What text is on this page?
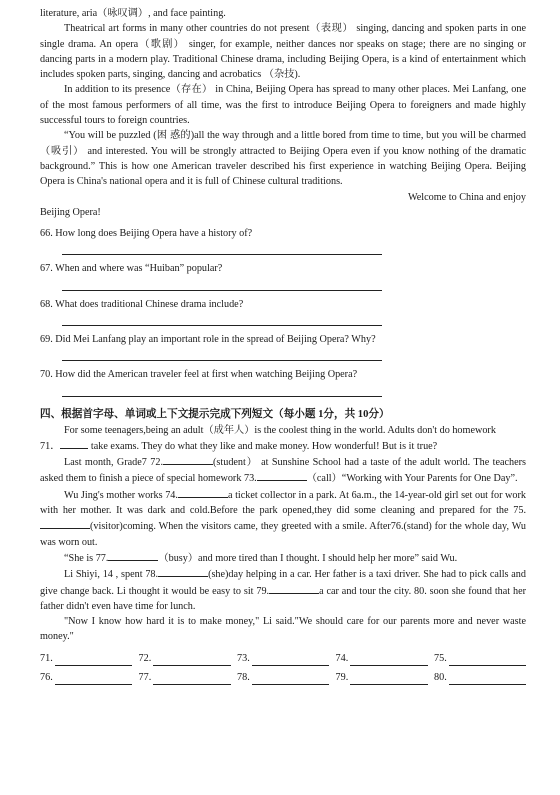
literature, aria（咏叹调）, and face painting.

Theatrical art forms in many other countries do not present（表现） singing, dancing and spoken parts in one single drama. An opera（歌剧） singer, for example, neither dances nor speaks on stage; there are no singing or dancing parts in a modern play. Traditional Chinese drama, including Beijing Opera, is a kind of entertainment which includes spoken parts, singing, dancing and acrobatics （杂技).

In addition to its presence（存在） in China, Beijing Opera has spread to many other places. Mei Lanfang, one of the most famous performers of all time, was the first to introduce Beijing Opera to foreigners and made highly successful tours to foreign countries.

“You will be puzzled (困 惑的)all the way through and a little bored from time to time, but you will be charmed（吸引） and interested. You will be strongly attracted to Beijing Opera even if you know nothing of the dramatic background.” This is how one American traveler described his first experience in watching Beijing Opera. Beijing Opera is China's national opera and it is full of Chinese cultural traditions.

Welcome to China and enjoy

Beijing Opera!

66. How long does Beijing Opera have a history of?
67. When and where was “Huiban” popular?
68. What does traditional Chinese drama include?
69. Did Mei Lanfang play an important role in the spread of Beijing Opera? Why?
70. How did the American traveler feel at first when watching Beijing Opera?

四、根据首字母、单词或上下文提示完成下列短文（每小题 1分，共 10分）

For some teenagers,being an adult（成年人）is the coolest thing in the world. Adults don't do homework

71．	take exams. They do what they like and make money. How wonderful! But is it true?

Last month, Grade7 72.	(student） at Sunshine School had a taste of the adult world. The teachers asked them to finish a piece of special homework 73.	（call）“Working with Your Parents for One Day”.

Wu Jing's mother works 74.	a ticket collector in a park. At 6a.m., the 14-year-old girl set out for work with her mother. It was dark and cold.Before the park opened,they did some cleaning and prepared for the 75.(visitor)coming. When the visitors came, they greeted with a smile. After76.(stand) for the whole day, Wu was worn out.

“She is 77.	（busy）and more tired than I thought. I should help her more” said Wu.

Li Shiyi, 14 , spent 78.	(she)day helping in a car. Her father is a taxi driver. She had to pick calls and give change back. Li thought it would be easy to sit 79.	a car and tour the city. 80. soon she found that her father didn't even have time for lunch.

"Now I know how hard it is to make money," Li said."We should care for our parents more and never waste money."

71.	72.	73.	74.	75.
76.	77.	78.	79.	80.
